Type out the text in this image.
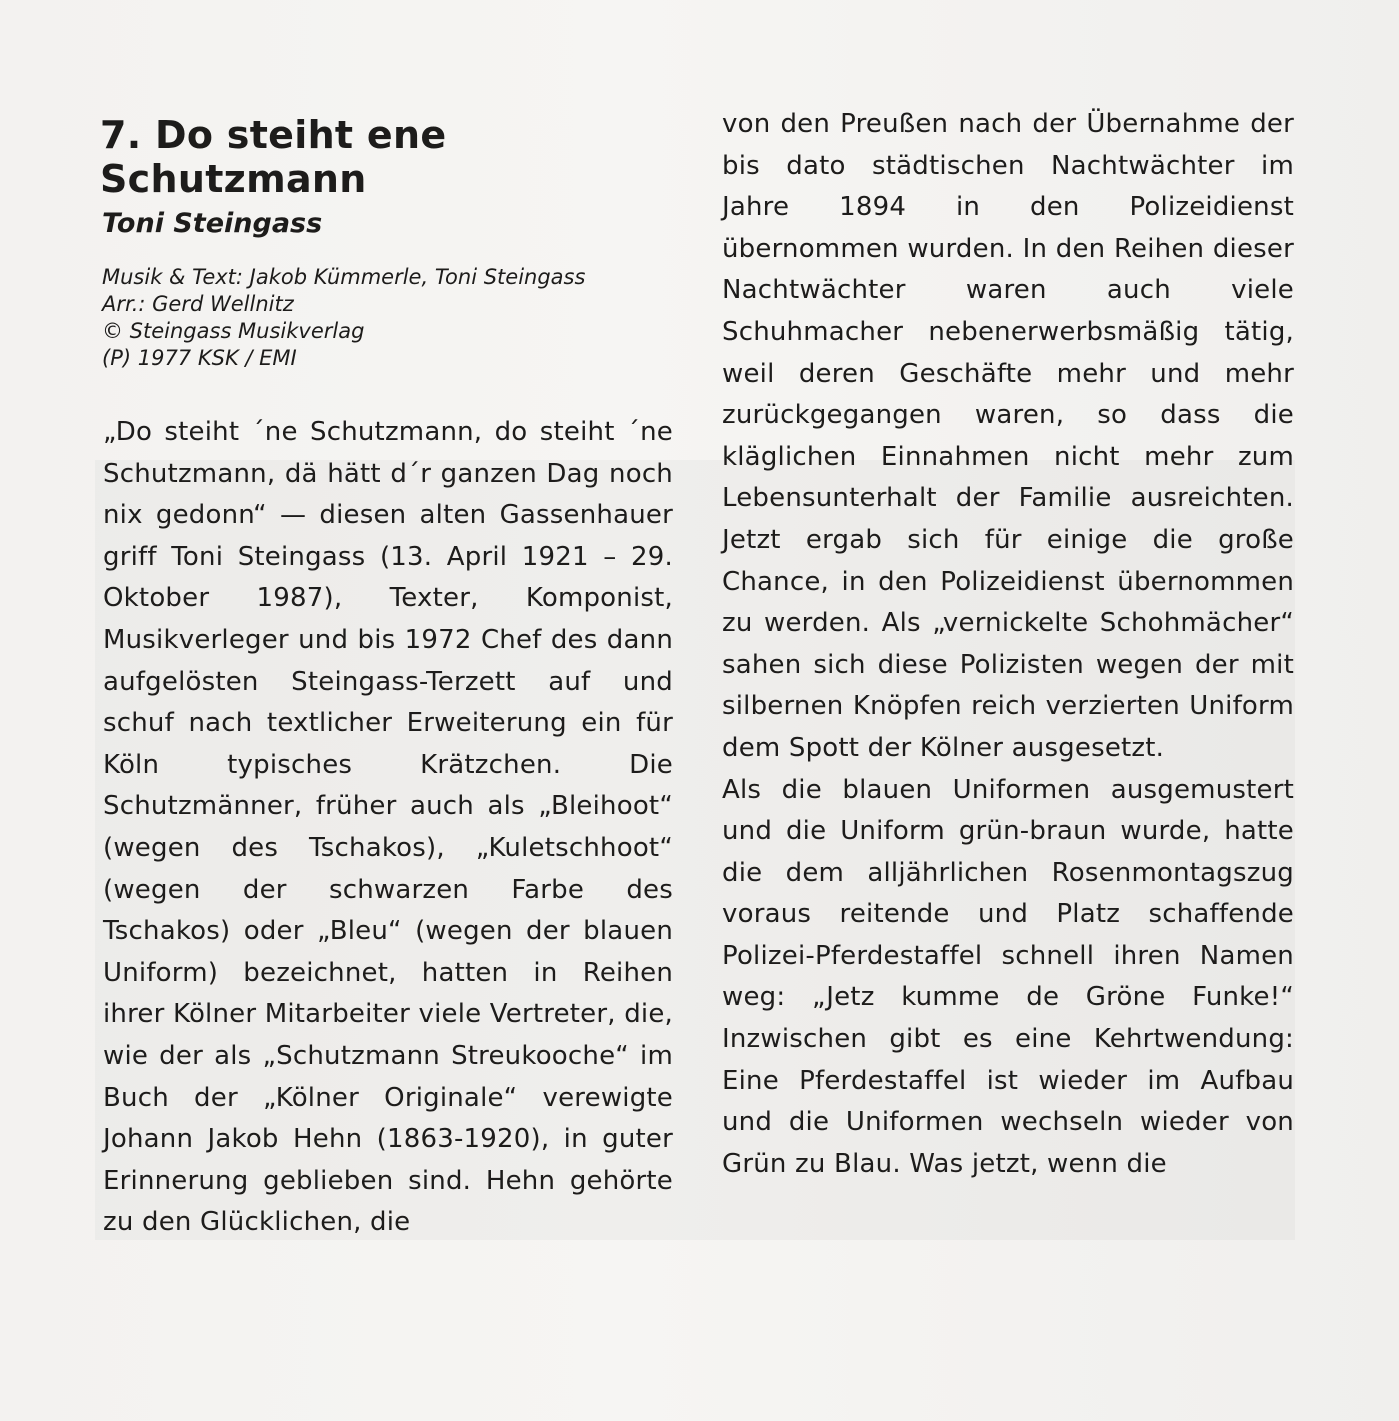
7. Do steiht ene Schutzmann
Toni Steingass
Musik & Text: Jakob Kümmerle, Toni Steingass
Arr.: Gerd Wellnitz
© Steingass Musikverlag
(P) 1977 KSK / EMI

„Do steiht ´ne Schutzmann, do steiht ´ne Schutzmann, dä hätt d´r ganzen Dag noch nix gedonn“ — diesen alten Gassenhauer griff Toni Steingass (13. April 1921 – 29. Oktober 1987), Texter, Komponist, Musikverleger und bis 1972 Chef des dann aufgelösten Steingass-Terzett auf und schuf nach textlicher Erweiterung ein für Köln typisches Krätzchen. Die Schutzmänner, früher auch als „Bleihoot“ (wegen des Tschakos), „Kuletschhoot“ (wegen der schwarzen Farbe des Tschakos) oder „Bleu“ (wegen der blauen Uniform) bezeichnet, hatten in Reihen ihrer Kölner Mitarbeiter viele Vertreter, die, wie der als „Schutzmann Streukooche“ im Buch der „Kölner Originale“ verewigte Johann Jakob Hehn (1863-1920), in guter Erinnerung geblieben sind. Hehn gehörte zu den Glücklichen, die

von den Preußen nach der Übernahme der bis dato städtischen Nachtwächter im Jahre 1894 in den Polizeidienst übernommen wurden. In den Reihen dieser Nachtwächter waren auch viele Schuhmacher nebenerwerbsmäßig tätig, weil deren Geschäfte mehr und mehr zurückgegangen waren, so dass die kläglichen Einnahmen nicht mehr zum Lebensunterhalt der Familie ausreichten. Jetzt ergab sich für einige die große Chance, in den Polizeidienst übernommen zu werden. Als „vernickelte Schohmächer“ sahen sich diese Polizisten wegen der mit silbernen Knöpfen reich verzierten Uniform dem Spott der Kölner ausgesetzt.

Als die blauen Uniformen ausgemustert und die Uniform grün-braun wurde, hatte die dem alljährlichen Rosenmontagszug voraus reitende und Platz schaffende Polizei-Pferdestaffel schnell ihren Namen weg: „Jetz kumme de Gröne Funke!“ Inzwischen gibt es eine Kehrtwendung: Eine Pferdestaffel ist wieder im Aufbau und die Uniformen wechseln wieder von Grün zu Blau. Was jetzt, wenn die
